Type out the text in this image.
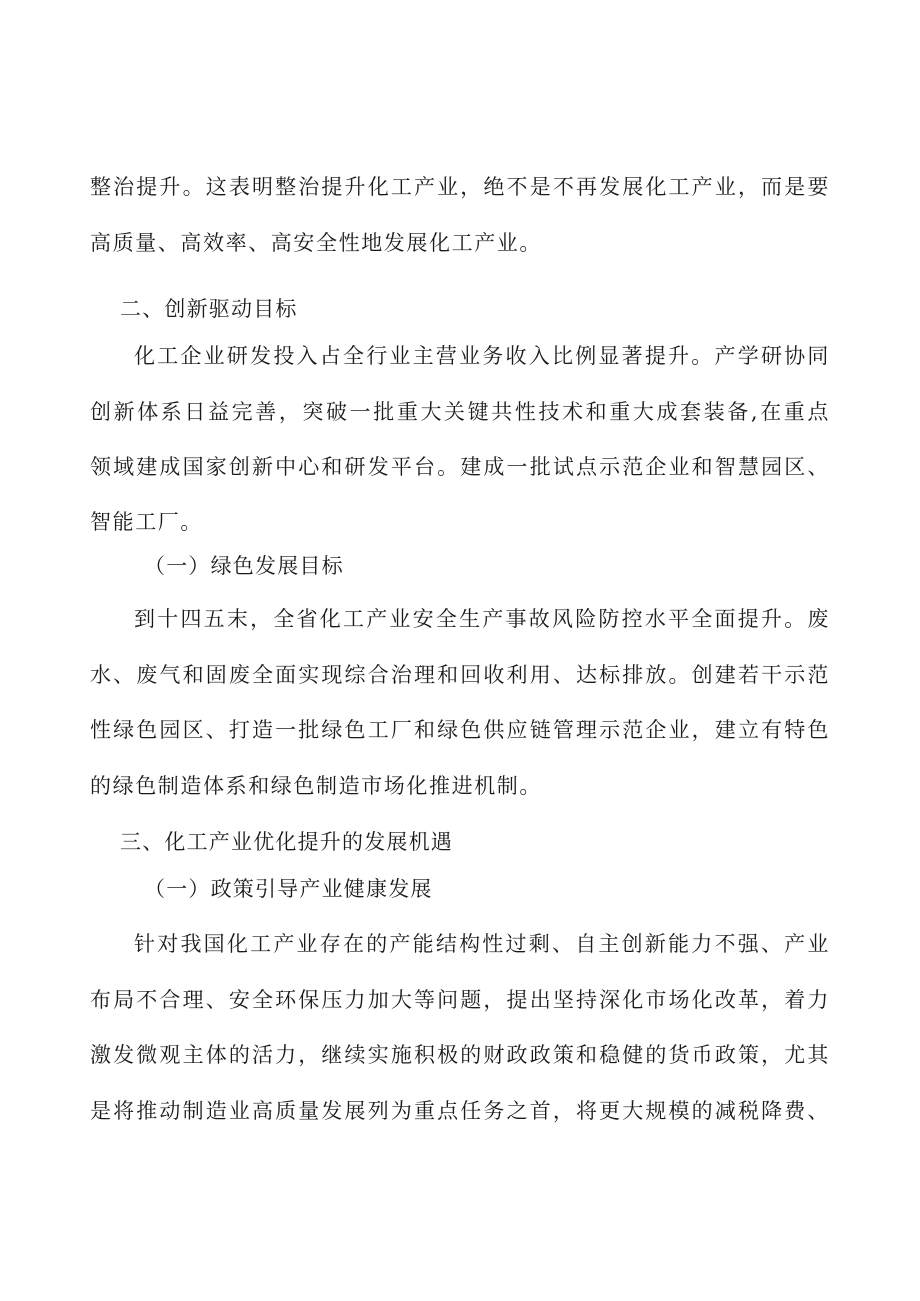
整治提升。这表明整治提升化工产业，绝不是不再发展化工产业，而是要
高质量、高效率、高安全性地发展化工产业。
二、创新驱动目标
化工企业研发投入占全行业主营业务收入比例显著提升。产学研协同
创新体系日益完善，突破一批重大关键共性技术和重大成套装备,在重点
领域建成国家创新中心和研发平台。建成一批试点示范企业和智慧园区、
智能工厂。
（一）绿色发展目标
到十四五末，全省化工产业安全生产事故风险防控水平全面提升。废
水、废气和固废全面实现综合治理和回收利用、达标排放。创建若干示范
性绿色园区、打造一批绿色工厂和绿色供应链管理示范企业，建立有特色
的绿色制造体系和绿色制造市场化推进机制。
三、化工产业优化提升的发展机遇
（一）政策引导产业健康发展
针对我国化工产业存在的产能结构性过剩、自主创新能力不强、产业
布局不合理、安全环保压力加大等问题，提出坚持深化市场化改革，着力
激发微观主体的活力，继续实施积极的财政政策和稳健的货币政策，尤其
是将推动制造业高质量发展列为重点任务之首，将更大规模的减税降费、
